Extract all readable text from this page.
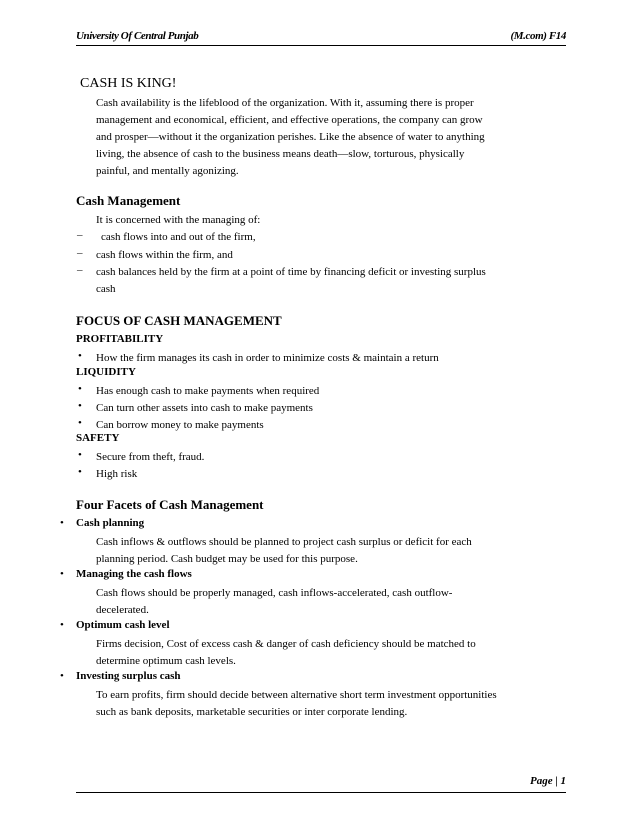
University Of Central Punjab	(M.com) F14
CASH IS KING!
Cash availability is the lifeblood of the organization. With it, assuming there is proper
management and economical, efficient, and effective operations, the company can grow
and prosper—without it the organization perishes. Like the absence of water to anything
living, the absence of cash to the business means death—slow, torturous, physically
painful, and mentally agonizing.
Cash Management
It is concerned with the managing of:
– cash flows into and out of the firm,
– cash flows within the firm, and
– cash balances held by the firm at a point of time by financing deficit or investing surplus
cash
FOCUS OF CASH MANAGEMENT
PROFITABILITY
• How the firm manages its cash in order to minimize costs & maintain a return
LIQUIDITY
• Has enough cash to make payments when required
• Can turn other assets into cash to make payments
• Can borrow money to make payments
SAFETY
• Secure from theft, fraud.
• High risk
Four Facets of Cash Management
• Cash planning
Cash inflows & outflows should be planned to project cash surplus or deficit for each
planning period. Cash budget may be used for this purpose.
• Managing the cash flows
Cash flows should be properly managed, cash inflows-accelerated, cash outflow-
decelerated.
• Optimum cash level
Firms decision, Cost of excess cash & danger of cash deficiency should be matched to
determine optimum cash levels.
• Investing surplus cash
To earn profits, firm should decide between alternative short term investment opportunities
such as bank deposits, marketable securities or inter corporate lending.
Page | 1
